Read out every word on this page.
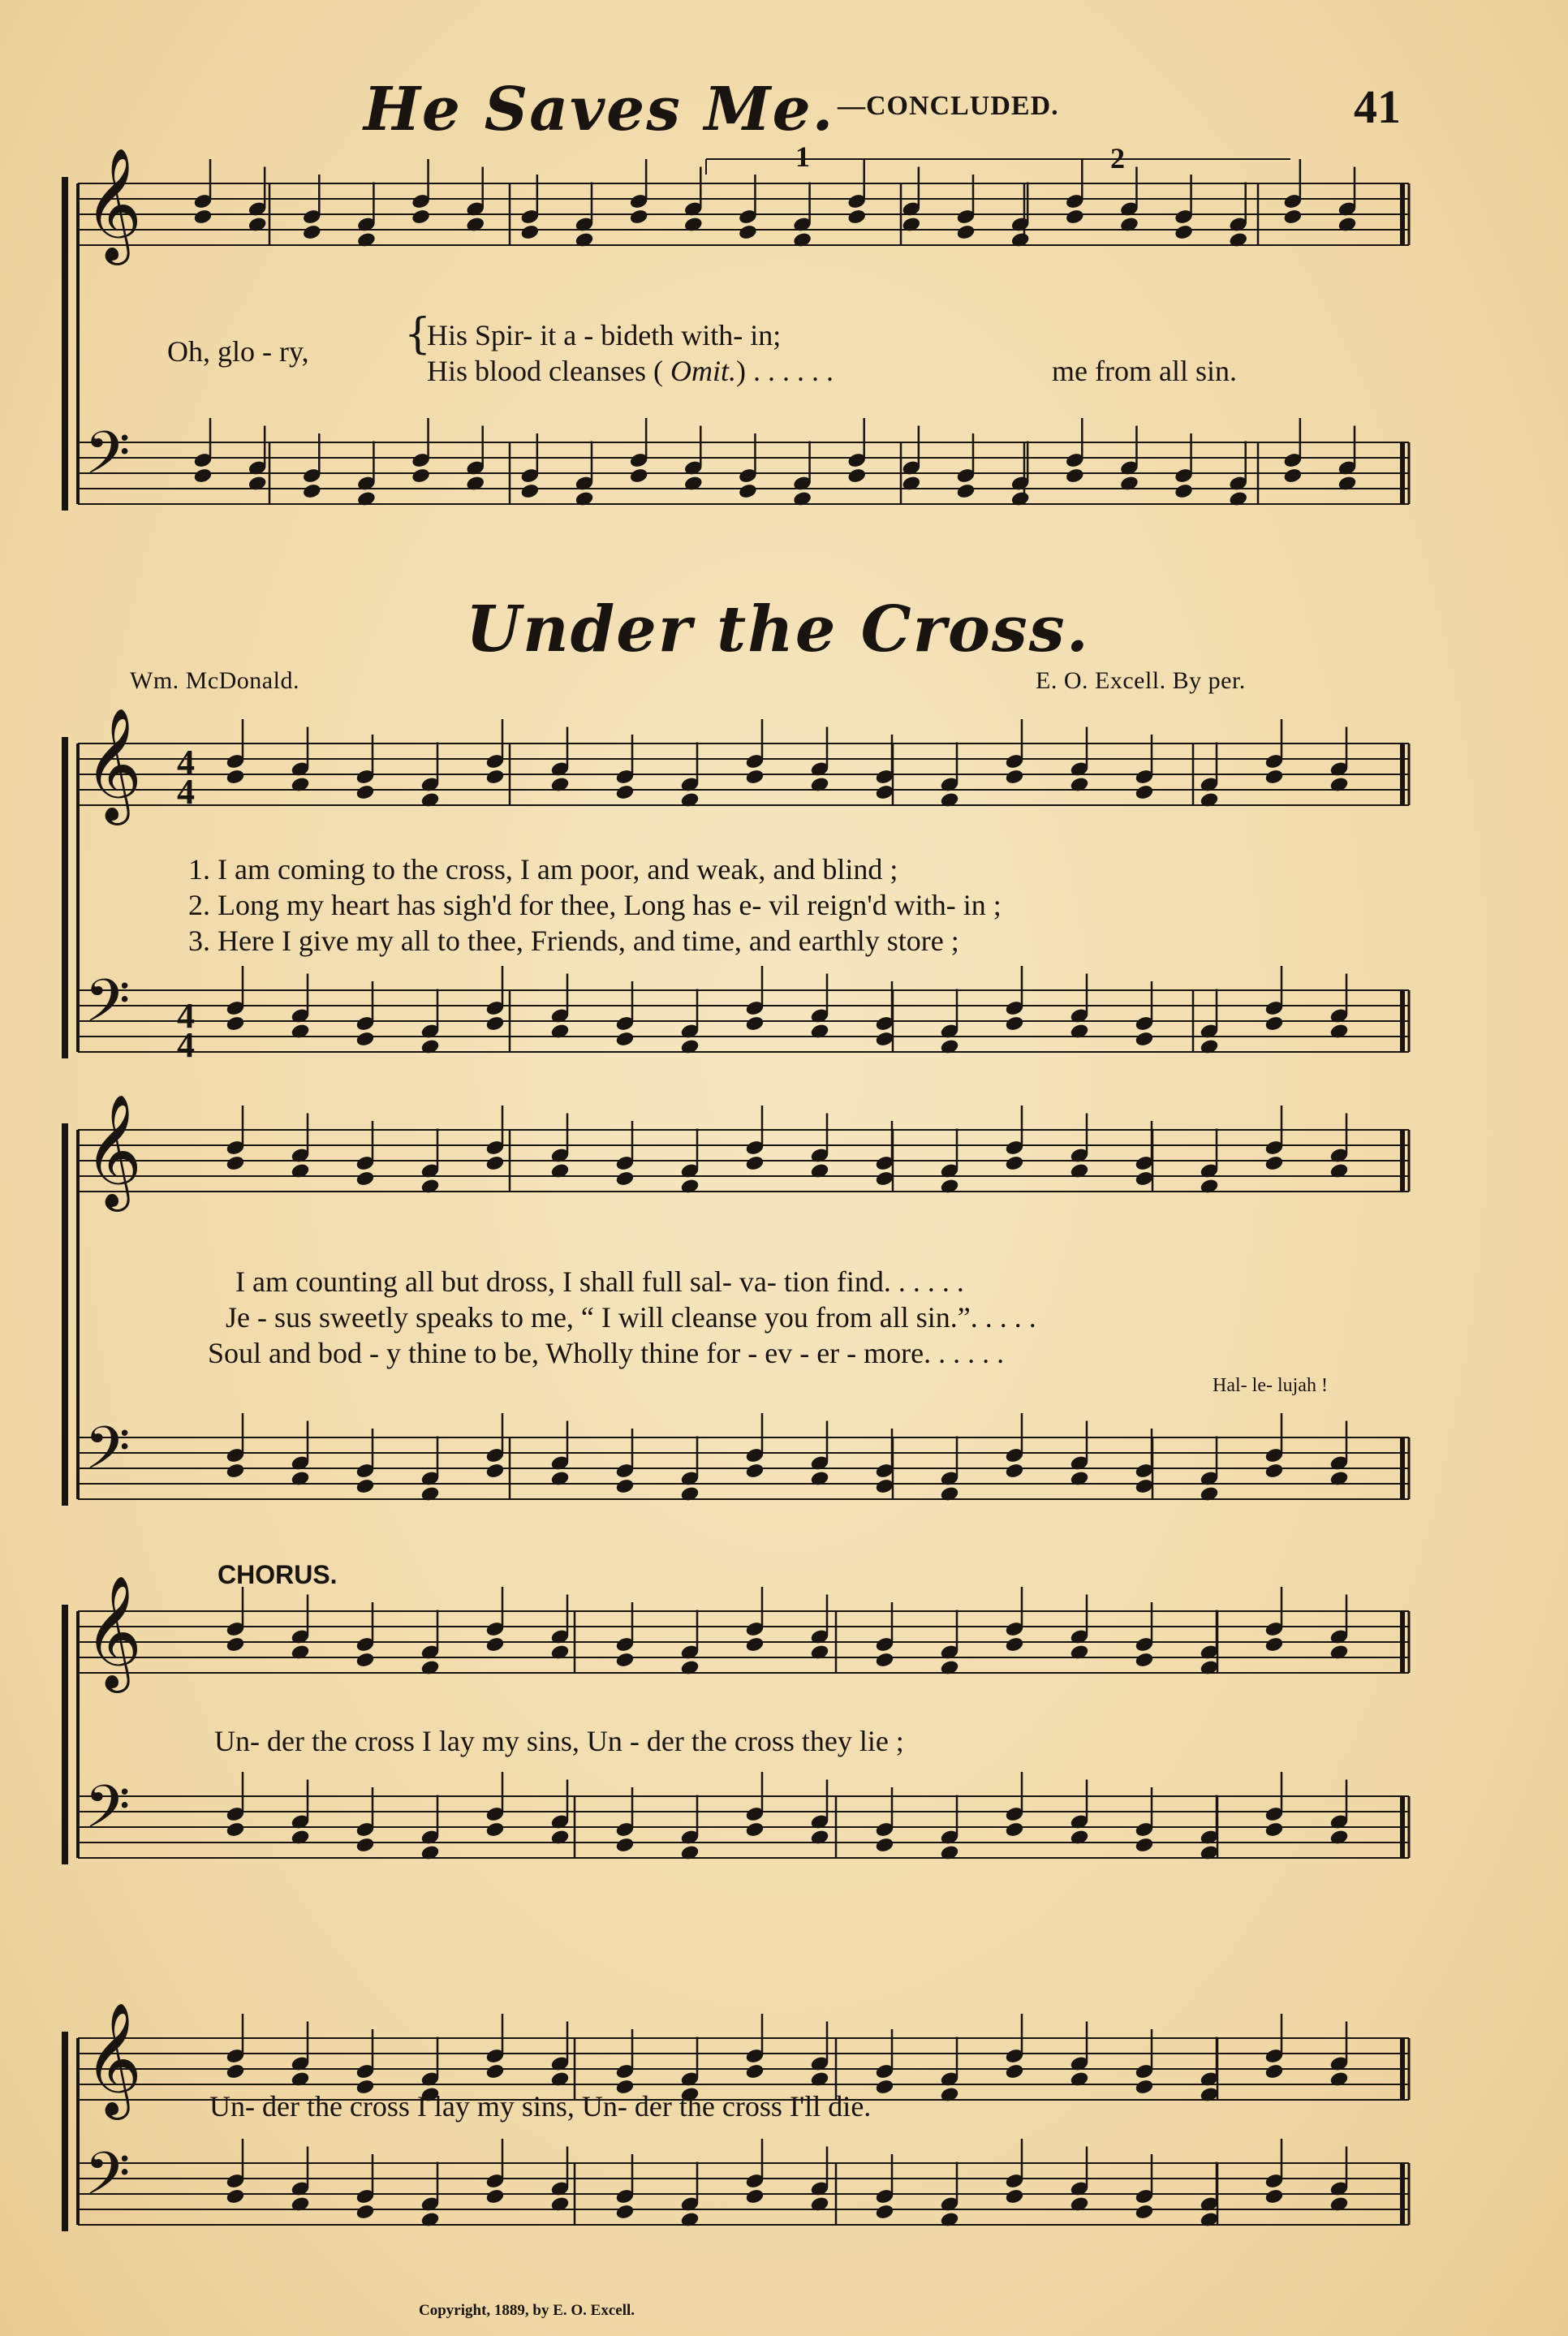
𝄞
𝄢
𝄞
𝄢
𝄞
𝄢
𝄞
𝄢
𝄞
𝄢
41
He Saves Me. —CONCLUDED.
1	2
Oh, glo - ry, {
His Spir- it a - bideth with- in;
His blood cleanses ( Omit.) . . . . . .	me from all sin.
Under the Cross.
Wm. McDonald.	E. O. Excell. By per.
1. I am coming to the cross, I am poor, and weak, and blind ;
2. Long my heart has sigh'd for thee, Long has e- vil reign'd with- in ;
3. Here I give my all to thee, Friends, and time, and earthly store ;
I am counting all but dross, I shall full sal- va- tion find. . . . . .
Je - sus sweetly speaks to me, “ I will cleanse you from all sin.”. . . . .
Soul and bod - y thine to be, Wholly thine for - ev - er - more. . . . . .
Hal- le- lujah !
CHORUS.
Un- der the cross I lay my sins, Un - der the cross they lie ;
Un- der the cross I lay my sins, Un- der the cross I'll die.
Copyright, 1889, by E. O. Excell.
4
4
4
4
